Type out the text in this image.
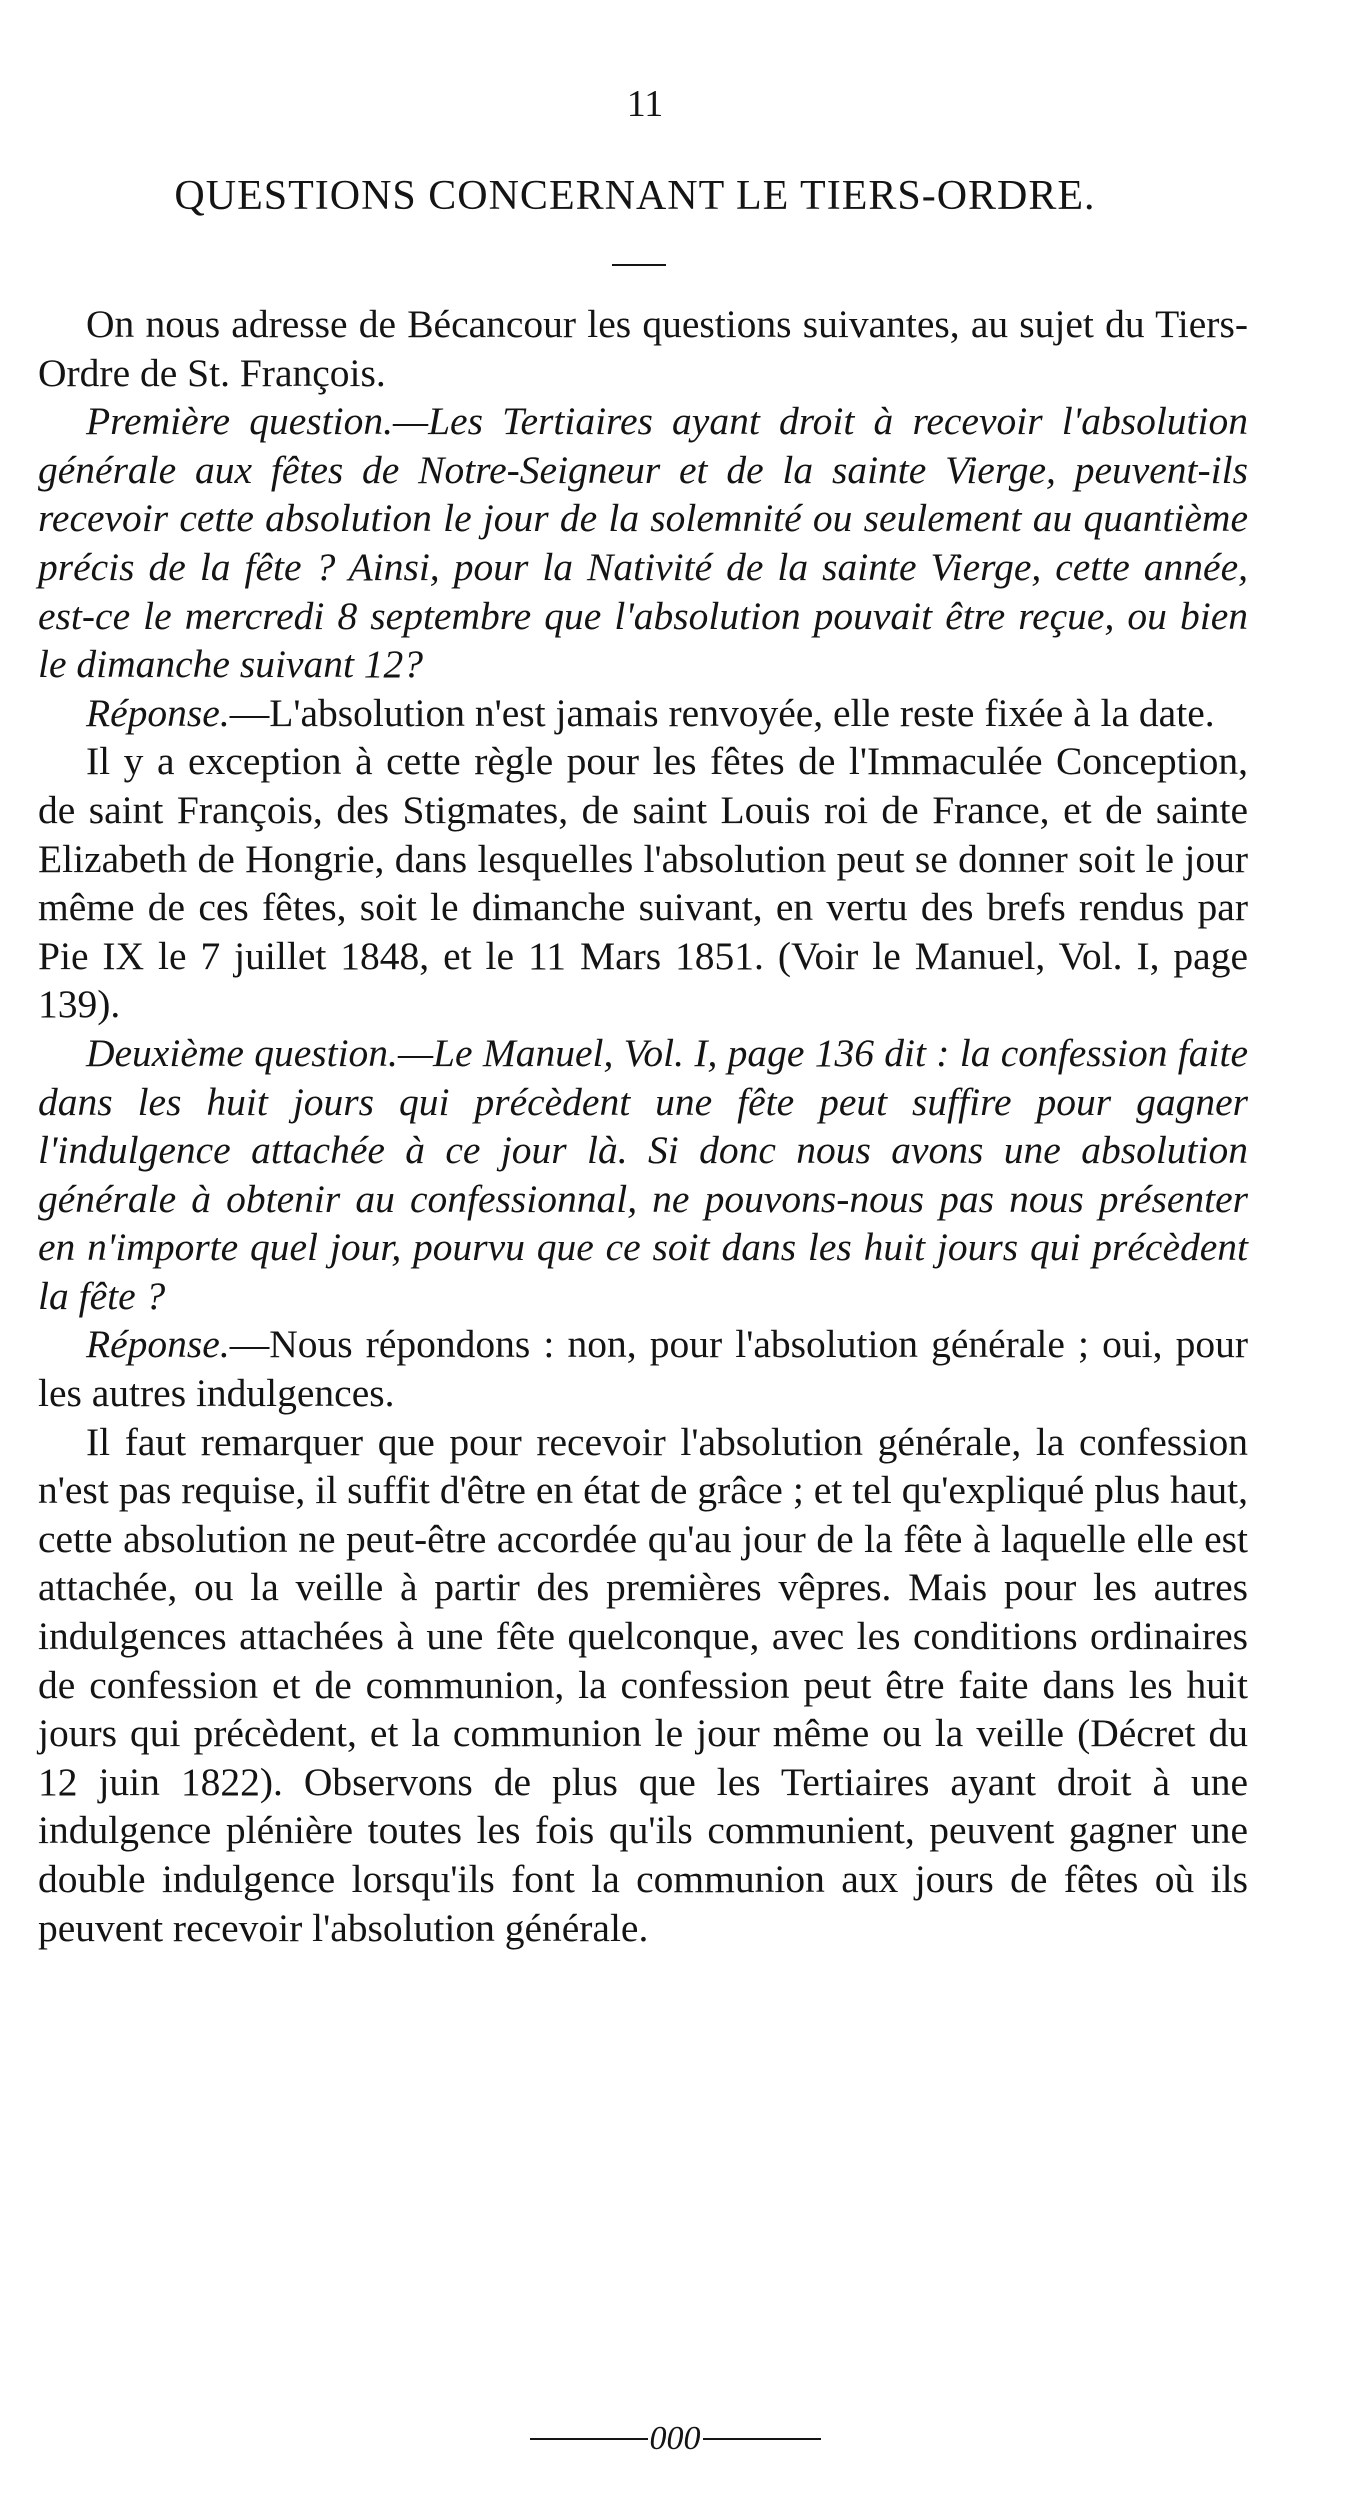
11
QUESTIONS CONCERNANT LE TIERS-ORDRE.

On nous adresse de Bécancour les questions suivantes, au sujet du Tiers-Ordre de St. François.

Première question.—Les Tertiaires ayant droit à recevoir l'absolution générale aux fêtes de Notre-Seigneur et de la sainte Vierge, peuvent-ils recevoir cette absolution le jour de la solemnité ou seulement au quantième précis de la fête ? Ainsi, pour la Nativité de la sainte Vierge, cette année, est-ce le mercredi 8 septembre que l'absolution pouvait être reçue, ou bien le dimanche suivant 12?

Réponse.—L'absolution n'est jamais renvoyée, elle reste fixée à la date.

Il y a exception à cette règle pour les fêtes de l'Immaculée Conception, de saint François, des Stigmates, de saint Louis roi de France, et de sainte Elizabeth de Hongrie, dans lesquelles l'absolution peut se donner soit le jour même de ces fêtes, soit le dimanche suivant, en vertu des brefs rendus par Pie IX le 7 juillet 1848, et le 11 Mars 1851. (Voir le Manuel, Vol. I, page 139).

Deuxième question.—Le Manuel, Vol. I, page 136 dit : la confession faite dans les huit jours qui précèdent une fête peut suffire pour gagner l'indulgence attachée à ce jour là. Si donc nous avons une absolution générale à obtenir au confessionnal, ne pouvons-nous pas nous présenter en n'importe quel jour, pourvu que ce soit dans les huit jours qui précèdent la fête ?

Réponse.—Nous répondons : non, pour l'absolution générale ; oui, pour les autres indulgences.

Il faut remarquer que pour recevoir l'absolution générale, la confession n'est pas requise, il suffit d'être en état de grâce ; et tel qu'expliqué plus haut, cette absolution ne peut-être accordée qu'au jour de la fête à laquelle elle est attachée, ou la veille à partir des premières vêpres. Mais pour les autres indulgences attachées à une fête quelconque, avec les conditions ordinaires de confession et de communion, la confession peut être faite dans les huit jours qui précèdent, et la communion le jour même ou la veille (Décret du 12 juin 1822). Observons de plus que les Tertiaires ayant droit à une indulgence plénière toutes les fois qu'ils communient, peuvent gagner une double indulgence lorsqu'ils font la communion aux jours de fêtes où ils peuvent recevoir l'absolution générale.

000
